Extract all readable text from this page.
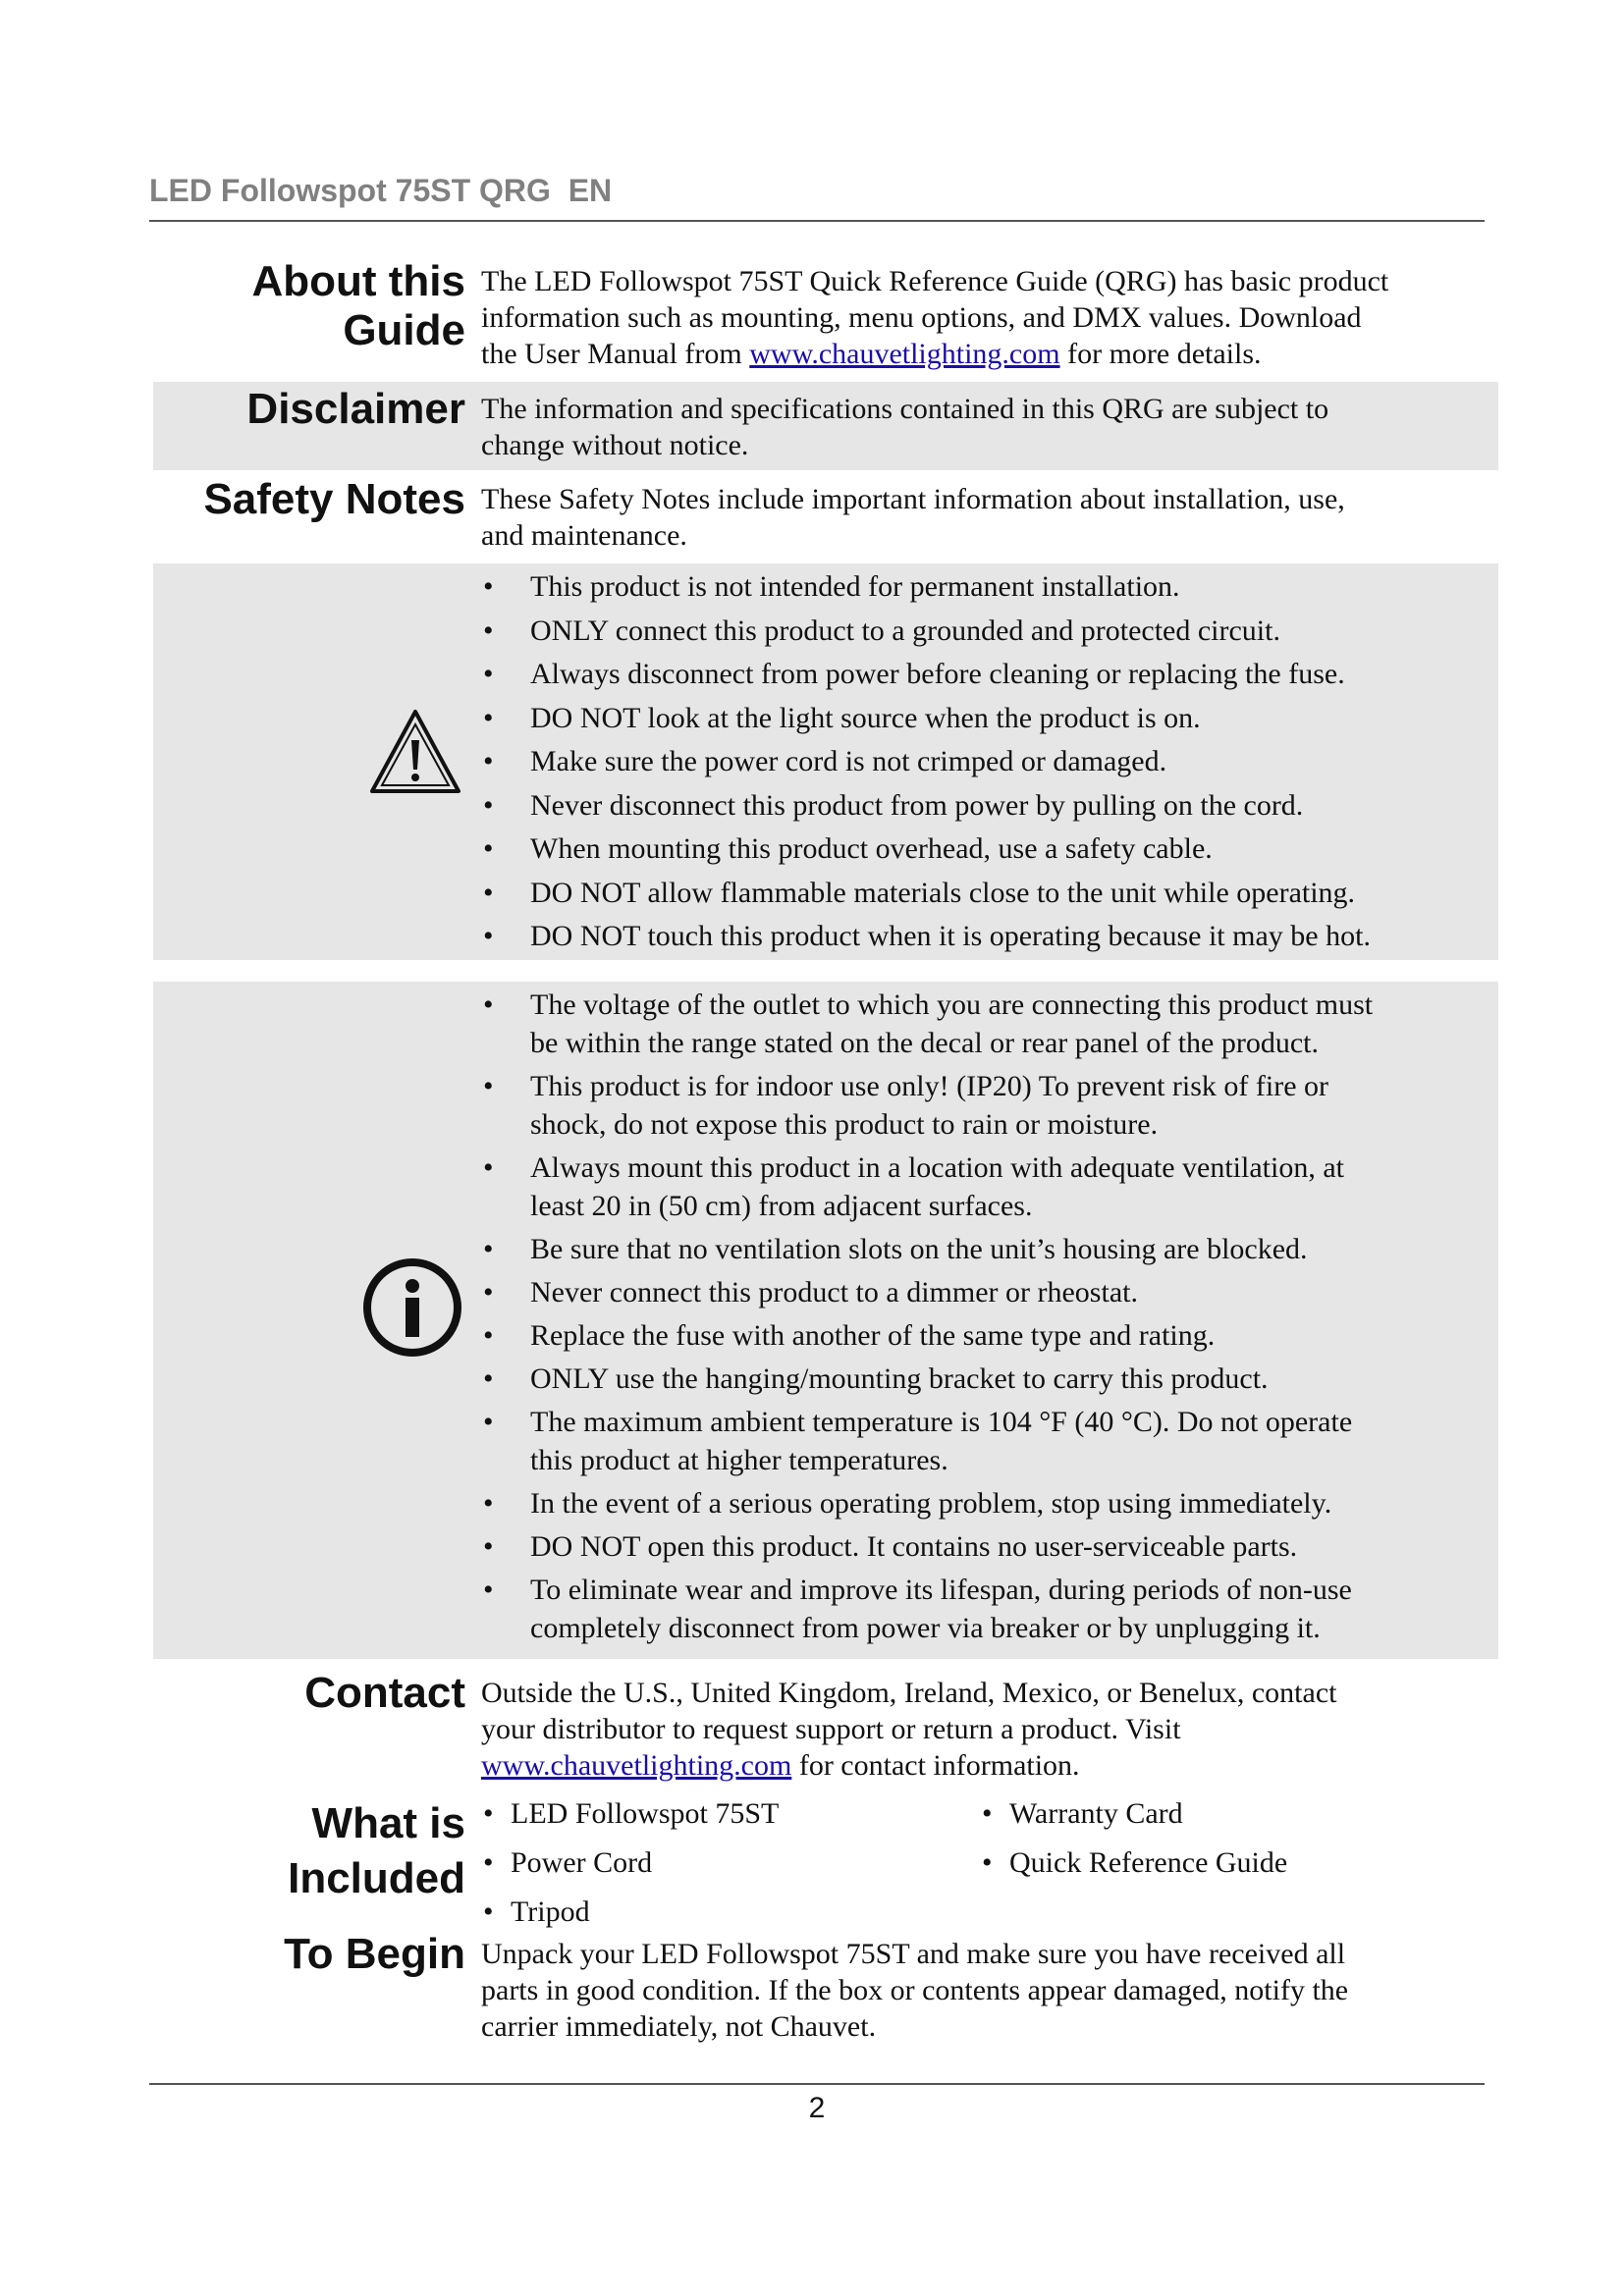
LED Followspot 75ST QRG  EN
About this
Guide

The LED Followspot 75ST Quick Reference Guide (QRG) has basic product
information such as mounting, menu options, and DMX values. Download
the User Manual from www.chauvetlighting.com for more details.

Disclaimer The information and specifications contained in this QRG are subject to
change without notice.

Safety Notes These Safety Notes include important information about installation, use,
and maintenance.

• This product is not intended for permanent installation.
• ONLY connect this product to a grounded and protected circuit.
• Always disconnect from power before cleaning or replacing the fuse.
• DO NOT look at the light source when the product is on.
• Make sure the power cord is not crimped or damaged.
• Never disconnect this product from power by pulling on the cord.
• When mounting this product overhead, use a safety cable.
• DO NOT allow flammable materials close to the unit while operating.
• DO NOT touch this product when it is operating because it may be hot.
• The voltage of the outlet to which you are connecting this product must
be within the range stated on the decal or rear panel of the product.
• This product is for indoor use only! (IP20) To prevent risk of fire or
shock, do not expose this product to rain or moisture.
• Always mount this product in a location with adequate ventilation, at
least 20 in (50 cm) from adjacent surfaces.
• Be sure that no ventilation slots on the unit’s housing are blocked.
• Never connect this product to a dimmer or rheostat.
• Replace the fuse with another of the same type and rating.
• ONLY use the hanging/mounting bracket to carry this product.
• The maximum ambient temperature is 104 °F (40 °C). Do not operate
this product at higher temperatures.
• In the event of a serious operating problem, stop using immediately.
• DO NOT open this product. It contains no user-serviceable parts.
• To eliminate wear and improve its lifespan, during periods of non-use
completely disconnect from power via breaker or by unplugging it.
Contact Outside the U.S., United Kingdom, Ireland, Mexico, or Benelux, contact
your distributor to request support or return a product. Visit
www.chauvetlighting.com for contact information.

What is
Included
• LED Followspot 75ST
• Power Cord
• Tripod
• Warranty Card
• Quick Reference Guide
To Begin Unpack your LED Followspot 75ST and make sure you have received all
parts in good condition. If the box or contents appear damaged, notify the
carrier immediately, not Chauvet.

2
